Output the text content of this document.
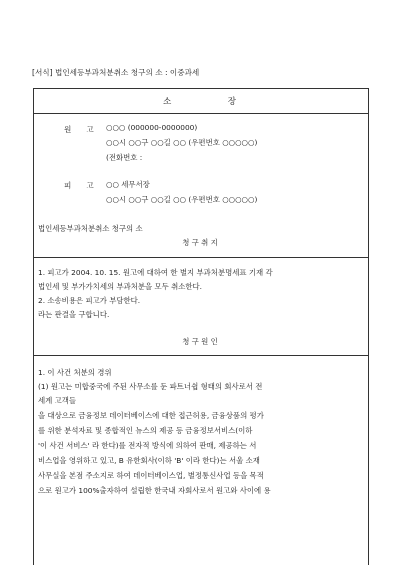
[서식] 법인세등부과처분취소 청구의 소 : 이중과세
소	장
원 고 ○○○ (000000-0000000)
○○시 ○○구 ○○길 ○○ (우편번호 ○○○○○)
(전화번호 :
피 고 ○○ 세무서장
○○시 ○○구 ○○길 ○○ (우편번호 ○○○○○)
법인세등부과처분취소 청구의 소
청 구 취 지
1. 피고가 2004. 10. 15. 원고에 대하여 한 별지 부과처분명세표 기재 각
법인세 및 부가가치세의 부과처분을 모두 취소한다.
2. 소송비용은 피고가 부담한다.
라는 판결을 구합니다.
청 구 원 인
1. 이 사건 처분의 경위
(1) 원고는 미합중국에 주된 사무소를 둔 파트너쉽 형태의 회사로서 전
세계 고객들
을 대상으로 금융정보 데이터베이스에 대한 접근허용, 금융상품의 평가
를 위한 분석자료 및 종합적인 뉴스의 제공 등 금융정보서비스(이하
'이 사건 서비스' 라 한다)를 전자적 방식에 의하여 판매, 제공하는 서
비스업을 영위하고 있고, B 유한회사(이하 'B' 이라 한다)는 서울 소재
사무실을 본점 주소지로 하여 데이터베이스업, 별정통신사업 등을 목적
으로 원고가 100%출자하여 설립한 한국내 자회사로서 원고와 사이에 용
